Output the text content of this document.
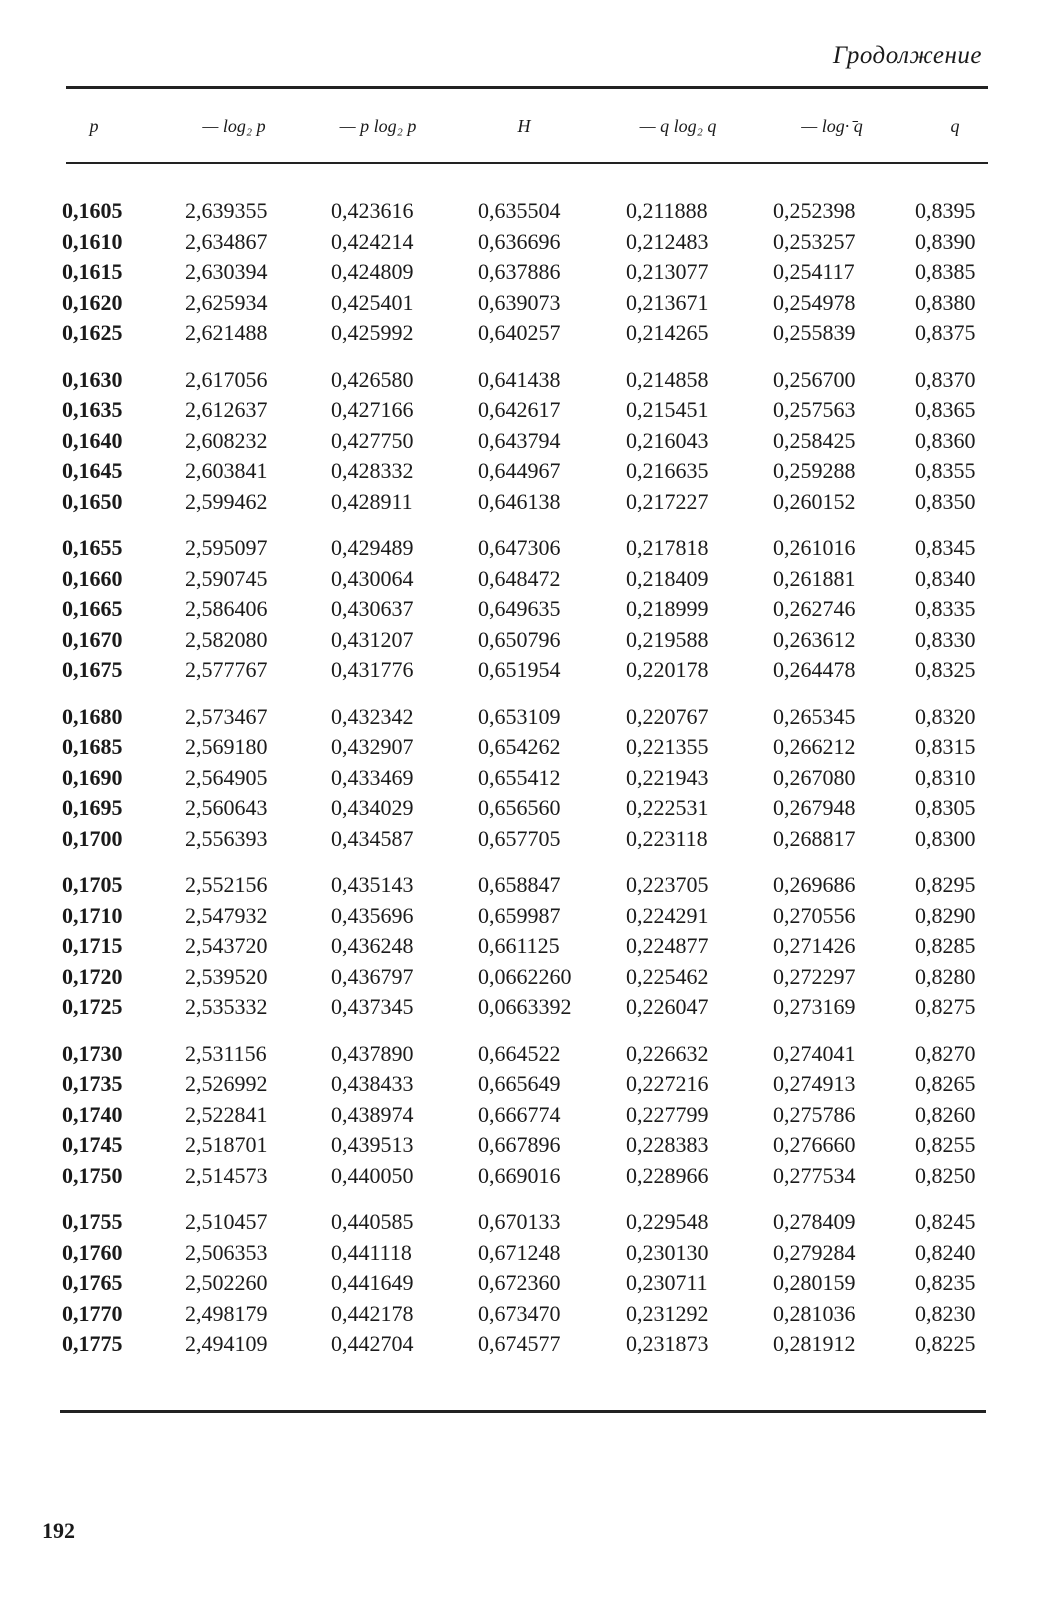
Гродолжение
p	— log₂ p	— p log₂ p	H	— q log₂ q	— log· ̄q	q
0,1605	2,639355	0,423616	0,635504	0,211888	0,252398	0,8395
0,1610	2,634867	0,424214	0,636696	0,212483	0,253257	0,8390
0,1615	2,630394	0,424809	0,637886	0,213077	0,254117	0,8385
0,1620	2,625934	0,425401	0,639073	0,213671	0,254978	0,8380
0,1625	2,621488	0,425992	0,640257	0,214265	0,255839	0,8375
0,1630	2,617056	0,426580	0,641438	0,214858	0,256700	0,8370
0,1635	2,612637	0,427166	0,642617	0,215451	0,257563	0,8365
0,1640	2,608232	0,427750	0,643794	0,216043	0,258425	0,8360
0,1645	2,603841	0,428332	0,644967	0,216635	0,259288	0,8355
0,1650	2,599462	0,428911	0,646138	0,217227	0,260152	0,8350
0,1655	2,595097	0,429489	0,647306	0,217818	0,261016	0,8345
0,1660	2,590745	0,430064	0,648472	0,218409	0,261881	0,8340
0,1665	2,586406	0,430637	0,649635	0,218999	0,262746	0,8335
0,1670	2,582080	0,431207	0,650796	0,219588	0,263612	0,8330
0,1675	2,577767	0,431776	0,651954	0,220178	0,264478	0,8325
0,1680	2,573467	0,432342	0,653109	0,220767	0,265345	0,8320
0,1685	2,569180	0,432907	0,654262	0,221355	0,266212	0,8315
0,1690	2,564905	0,433469	0,655412	0,221943	0,267080	0,8310
0,1695	2,560643	0,434029	0,656560	0,222531	0,267948	0,8305
0,1700	2,556393	0,434587	0,657705	0,223118	0,268817	0,8300
0,1705	2,552156	0,435143	0,658847	0,223705	0,269686	0,8295
0,1710	2,547932	0,435696	0,659987	0,224291	0,270556	0,8290
0,1715	2,543720	0,436248	0,661125	0,224877	0,271426	0,8285
0,1720	2,539520	0,436797	0,0662260 0,225462	0,272297	0,8280
0,1725	2,535332	0,437345	0,0663392 0,226047	0,273169	0,8275
0,1730	2,531156	0,437890	0,664522	0,226632	0,274041	0,8270
0,1735	2,526992	0,438433	0,665649	0,227216	0,274913	0,8265
0,1740	2,522841	0,438974	0,666774	0,227799	0,275786	0,8260
0,1745	2,518701	0,439513	0,667896	0,228383	0,276660	0,8255
0,1750	2,514573	0,440050	0,669016	0,228966	0,277534	0,8250
0,1755	2,510457	0,440585	0,670133	0,229548	0,278409	0,8245
0,1760	2,506353	0,441118	0,671248	0,230130	0,279284	0,8240
0,1765	2,502260	0,441649	0,672360	0,230711	0,280159	0,8235
0,1770	2,498179	0,442178	0,673470	0,231292	0,281036	0,8230
0,1775	2,494109	0,442704	0,674577	0,231873	0,281912	0,8225
192
